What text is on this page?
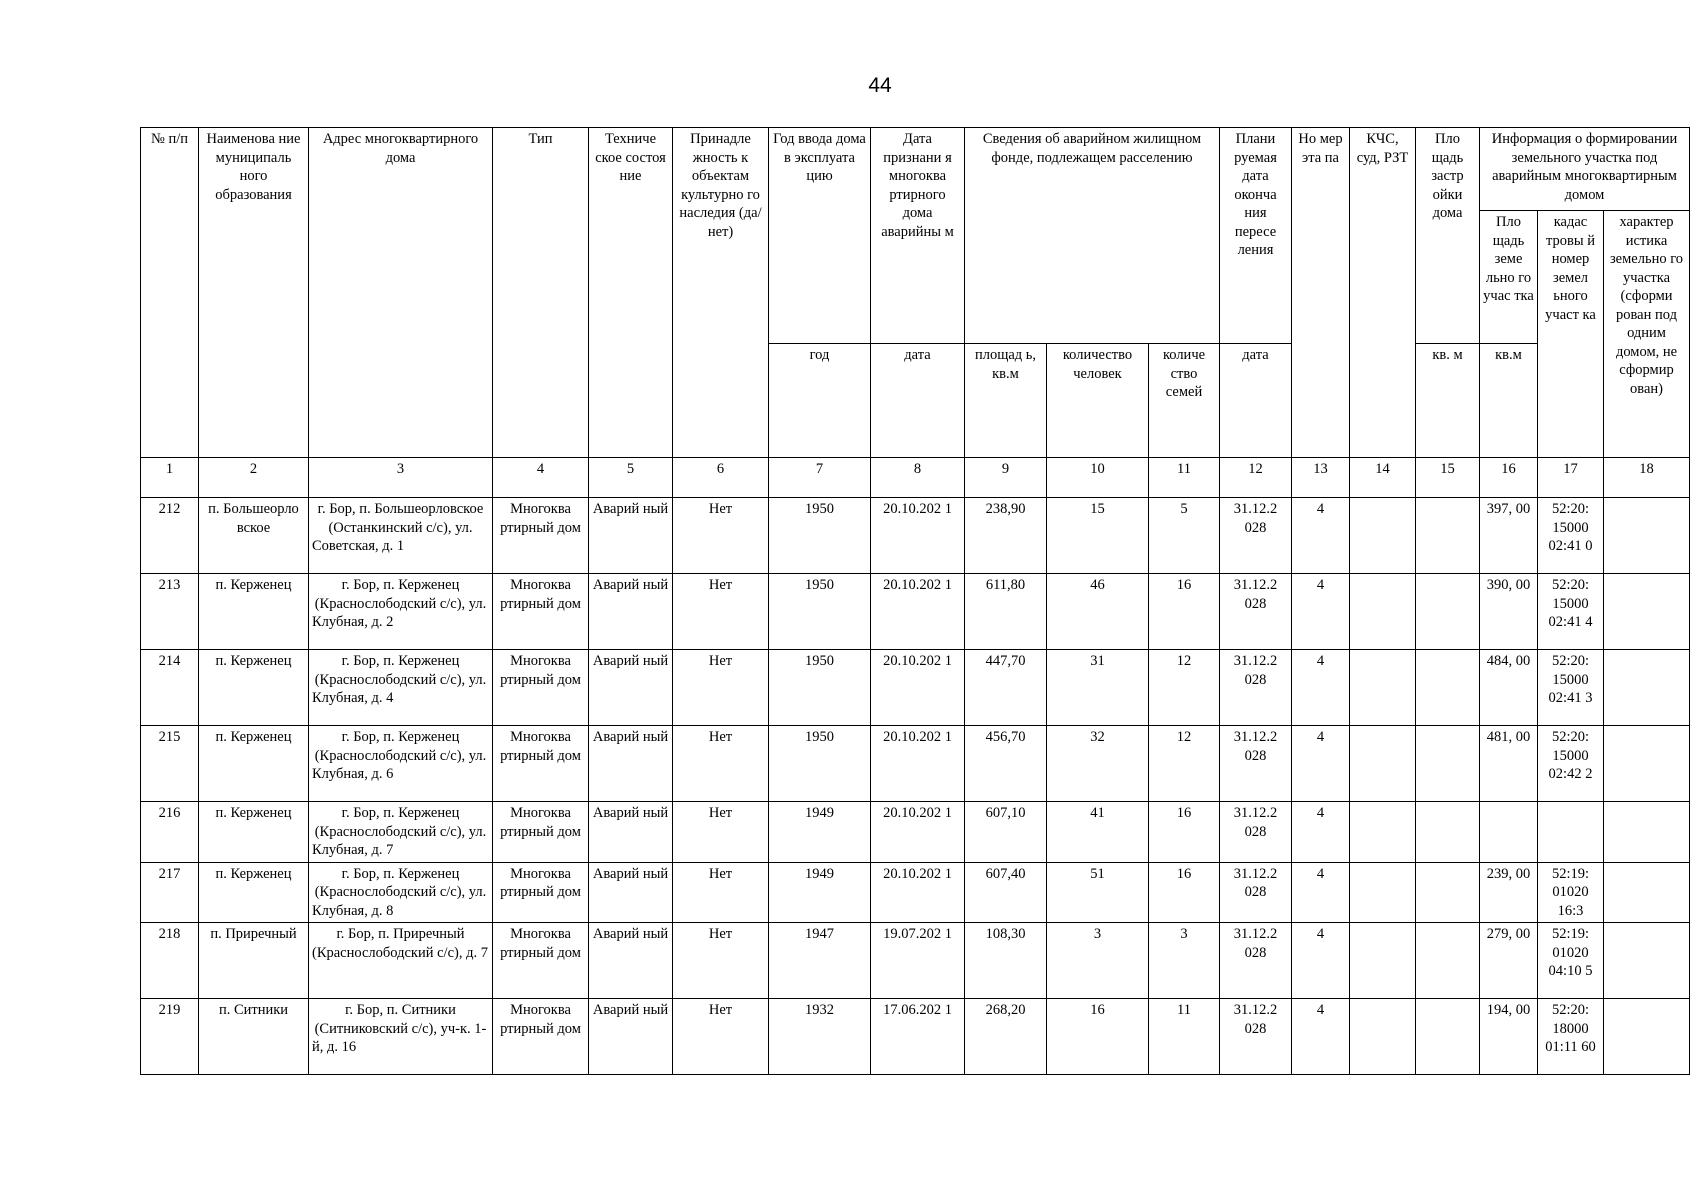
44
№ п/п	Наименова ние муниципаль ного образования	Адрес многоквартирного дома	Тип	Техниче ское состоя ние	Принадле жность к объектам культурно го наследия (да/нет)	Год ввода дома в эксплуата цию	Дата признани я многоква ртирного дома аварийны м	Сведения об аварийном жилищном фонде, подлежащем расселению			Плани руемая дата оконча ния пересе ления	Но мер эта па	КЧС, суд, РЗТ	Пло щадь застр ойки дома	Информация о формировании земельного участка под аварийным многоквартирным домом		
															Пло щадь земе льно го учас тка	кадас тровы й номер земел ьного участ ка	характер истика земельно го участка (сформи рован под одним домом, не сформир ован)
						год	дата	площад ь, кв.м	количество человек	количе ство семей	дата			кв. м	кв.м		
1	2	3	4	5	6	7	8	9	10	11	12	13	14	15	16	17	18
212	п. Большеорло вское	г. Бор, п. Большеорловское (Останкинский с/с), ул. Советская, д. 1	Многоква ртирный дом	Аварий ный	Нет	1950	20.10.202 1	238,90	15	5	31.12.2 028	4			397, 00	52:20: 15000 02:41 0	
213	п. Керженец	г. Бор, п. Керженец (Краснослободский с/с), ул. Клубная, д. 2	Многоква ртирный дом	Аварий ный	Нет	1950	20.10.202 1	611,80	46	16	31.12.2 028	4			390, 00	52:20: 15000 02:41 4	
214	п. Керженец	г. Бор, п. Керженец (Краснослободский с/с), ул. Клубная, д. 4	Многоква ртирный дом	Аварий ный	Нет	1950	20.10.202 1	447,70	31	12	31.12.2 028	4			484, 00	52:20: 15000 02:41 3	
215	п. Керженец	г. Бор, п. Керженец (Краснослободский с/с), ул. Клубная, д. 6	Многоква ртирный дом	Аварий ный	Нет	1950	20.10.202 1	456,70	32	12	31.12.2 028	4			481, 00	52:20: 15000 02:42 2	
216	п. Керженец	г. Бор, п. Керженец (Краснослободский с/с), ул. Клубная, д. 7	Многоква ртирный дом	Аварий ный	Нет	1949	20.10.202 1	607,10	41	16	31.12.2 028	4					
217	п. Керженец	г. Бор, п. Керженец (Краснослободский с/с), ул. Клубная, д. 8	Многоква ртирный дом	Аварий ный	Нет	1949	20.10.202 1	607,40	51	16	31.12.2 028	4			239, 00	52:19: 01020 16:3	
218	п. Приречный	г. Бор, п. Приречный (Краснослободский с/с), д. 7	Многоква ртирный дом	Аварий ный	Нет	1947	19.07.202 1	108,30	3	3	31.12.2 028	4			279, 00	52:19: 01020 04:10 5	
219	п. Ситники	г. Бор, п. Ситники (Ситниковский с/с), уч-к. 1-й, д. 16	Многоква ртирный дом	Аварий ный	Нет	1932	17.06.202 1	268,20	16	11	31.12.2 028	4			194, 00	52:20: 18000 01:11 60	
